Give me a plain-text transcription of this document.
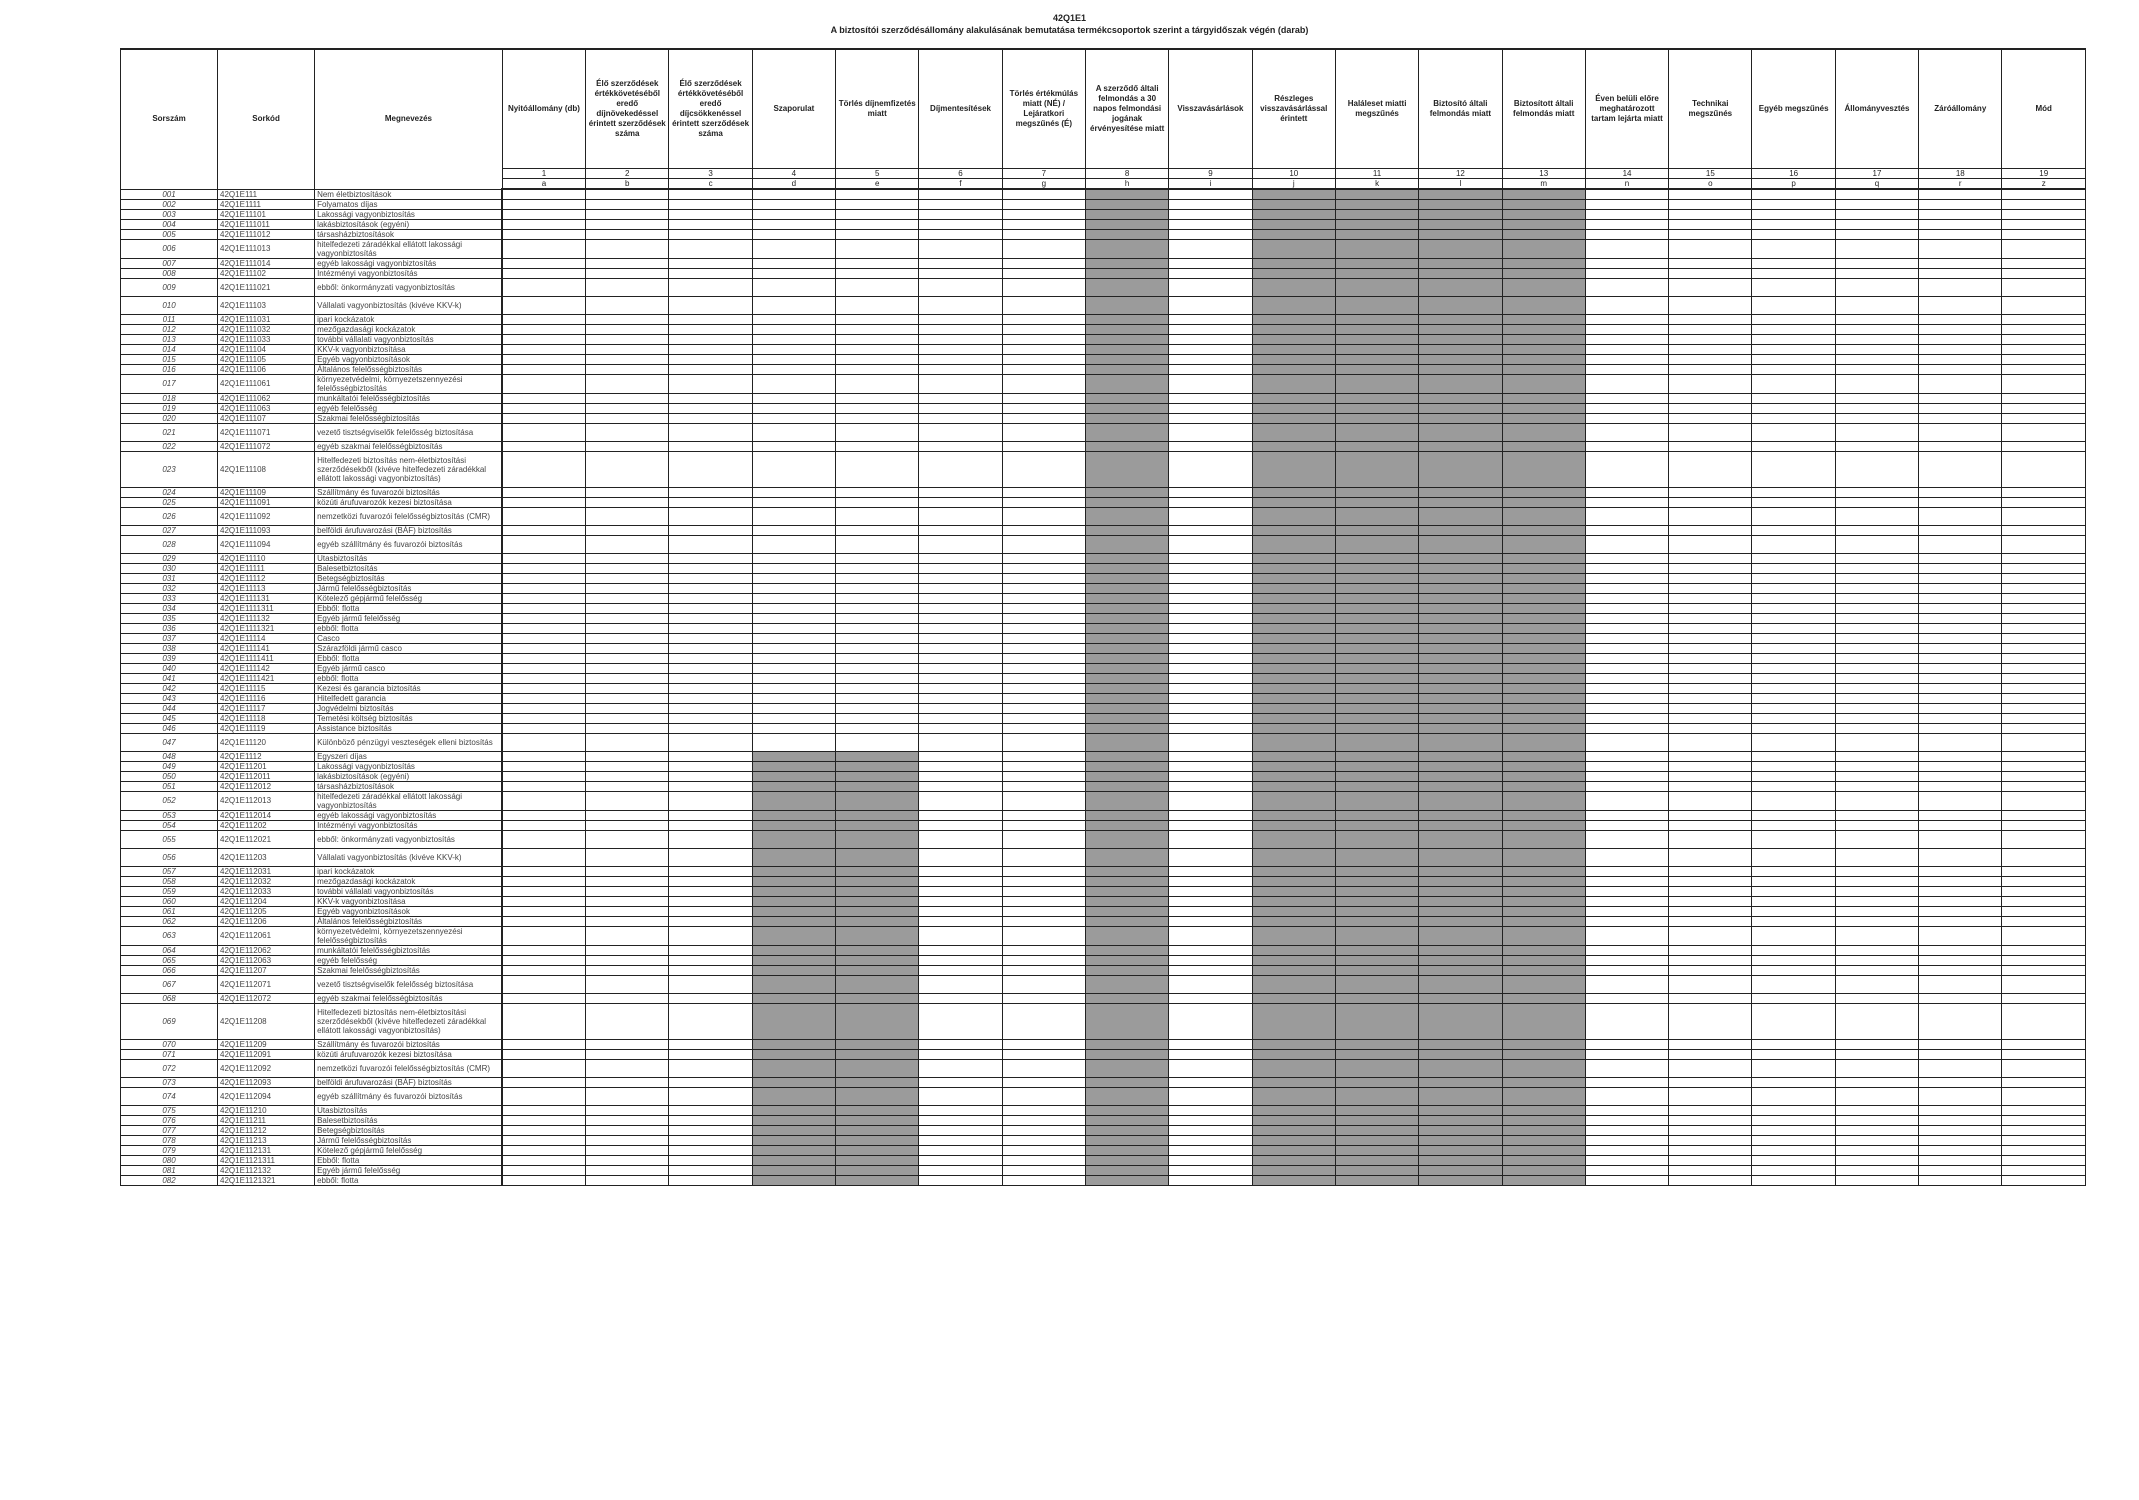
42Q1E1
A biztosítói szerződésállomány alakulásának bemutatása termékcsoportok szerint a tárgyidőszak végén (darab)
Sorszám	Sorkód	Megnevezés	Nyitóállomány (db)	Élő szerződések értékkövetéséből eredő díjnövekedéssel érintett szerződések száma	Élő szerződések értékkövetéséből eredő díjcsökkenéssel érintett szerződések száma	Szaporulat	Törlés díjnemfizetés miatt	Díjmentesítések	Törlés értékmúlás miatt (NÉ) / Lejáratkori megszűnés (É)	A szerződő általi felmondás a 30 napos felmondási jogának érvényesítése miatt	Visszavásárlások	Részleges visszavásárlással érintett	Haláleset miatti megszűnés	Biztosító általi felmondás miatt	Biztosított általi felmondás miatt	Éven belüli előre meghatározott tartam lejárta miatt	Technikai megszűnés	Egyéb megszűnés	Állományvesztés	Záróállomány	Mód
			1	2	3	4	5	6	7	8	9	10	11	12	13	14	15	16	17	18	19
			a	b	c	d	e	f	g	h	i	j	k	l	m	n	o	p	q	r	z
001	42Q1E111	Nem életbiztosítások																			
002	42Q1E1111	Folyamatos díjas																			
003	42Q1E11101	Lakossági vagyonbiztosítás																			
004	42Q1E111011	lakásbiztosítások (egyéni)																			
005	42Q1E111012	társasházbiztosítások																			
006	42Q1E111013	hitelfedezeti záradékkal ellátott lakossági vagyonbiztosítás																			
007	42Q1E111014	egyéb lakossági vagyonbiztosítás																			
008	42Q1E11102	Intézményi vagyonbiztosítás																			
009	42Q1E111021	ebből: önkormányzati vagyonbiztosítás																			
010	42Q1E11103	Vállalati vagyonbiztosítás (kivéve KKV-k)																			
011	42Q1E111031	ipari kockázatok																			
012	42Q1E111032	mezőgazdasági kockázatok																			
013	42Q1E111033	további vállalati vagyonbiztosítás																			
014	42Q1E11104	KKV-k vagyonbiztosítása																			
015	42Q1E11105	Egyéb vagyonbiztosítások																			
016	42Q1E11106	Általános felelősségbiztosítás																			
017	42Q1E111061	környezetvédelmi, környezetszennyezési felelősségbiztosítás																			
018	42Q1E111062	munkáltatói felelősségbiztosítás																			
019	42Q1E111063	egyéb felelősség																			
020	42Q1E11107	Szakmai felelősségbiztosítás																			
021	42Q1E111071	vezető tisztségviselők felelősség biztosítása																			
022	42Q1E111072	egyéb szakmai felelősségbiztosítás																			
023	42Q1E11108	Hitelfedezeti biztosítás nem-életbiztosítási szerződésekből (kivéve hitelfedezeti záradékkal ellátott lakossági vagyonbiztosítás)																			
024	42Q1E11109	Szállítmány és fuvarozói biztosítás																			
025	42Q1E111091	közúti árufuvarozók kezesi biztosítása																			
026	42Q1E111092	nemzetközi fuvarozói felelősségbiztosítás (CMR)																			
027	42Q1E111093	belföldi árufuvarozási (BÁF) biztosítás																			
028	42Q1E111094	egyéb szállítmány és fuvarozói biztosítás																			
029	42Q1E11110	Utasbiztosítás																			
030	42Q1E11111	Balesetbiztosítás																			
031	42Q1E11112	Betegségbiztosítás																			
032	42Q1E11113	Jármű felelősségbiztosítás																			
033	42Q1E111131	Kötelező gépjármű felelősség																			
034	42Q1E1111311	Ebből: flotta																			
035	42Q1E111132	Egyéb jármű felelősség																			
036	42Q1E1111321	ebből: flotta																			
037	42Q1E11114	Casco																			
038	42Q1E111141	Szárazföldi jármű casco																			
039	42Q1E1111411	Ebből: flotta																			
040	42Q1E111142	Egyéb jármű casco																			
041	42Q1E1111421	ebből: flotta																			
042	42Q1E11115	Kezesi és garancia biztosítás																			
043	42Q1E11116	Hitelfedett garancia																			
044	42Q1E11117	Jogvédelmi biztosítás																			
045	42Q1E11118	Temetési költség biztosítás																			
046	42Q1E11119	Assistance biztosítás																			
047	42Q1E11120	Különböző pénzügyi veszteségek elleni biztosítás																			
048	42Q1E1112	Egyszeri díjas																			
049	42Q1E11201	Lakossági vagyonbiztosítás																			
050	42Q1E112011	lakásbiztosítások (egyéni)																			
051	42Q1E112012	társasházbiztosítások																			
052	42Q1E112013	hitelfedezeti záradékkal ellátott lakossági vagyonbiztosítás																			
053	42Q1E112014	egyéb lakossági vagyonbiztosítás																			
054	42Q1E11202	Intézményi vagyonbiztosítás																			
055	42Q1E112021	ebből: önkormányzati vagyonbiztosítás																			
056	42Q1E11203	Vállalati vagyonbiztosítás (kivéve KKV-k)																			
057	42Q1E112031	ipari kockázatok																			
058	42Q1E112032	mezőgazdasági kockázatok																			
059	42Q1E112033	további vállalati vagyonbiztosítás																			
060	42Q1E11204	KKV-k vagyonbiztosítása																			
061	42Q1E11205	Egyéb vagyonbiztosítások																			
062	42Q1E11206	Általános felelősségbiztosítás																			
063	42Q1E112061	környezetvédelmi, környezetszennyezési felelősségbiztosítás																			
064	42Q1E112062	munkáltatói felelősségbiztosítás																			
065	42Q1E112063	egyéb felelősség																			
066	42Q1E11207	Szakmai felelősségbiztosítás																			
067	42Q1E112071	vezető tisztségviselők felelősség biztosítása																			
068	42Q1E112072	egyéb szakmai felelősségbiztosítás																			
069	42Q1E11208	Hitelfedezeti biztosítás nem-életbiztosítási szerződésekből (kivéve hitelfedezeti záradékkal ellátott lakossági vagyonbiztosítás)																			
070	42Q1E11209	Szállítmány és fuvarozói biztosítás																			
071	42Q1E112091	közúti árufuvarozók kezesi biztosítása																			
072	42Q1E112092	nemzetközi fuvarozói felelősségbiztosítás (CMR)																			
073	42Q1E112093	belföldi árufuvarozási (BÁF) biztosítás																			
074	42Q1E112094	egyéb szállítmány és fuvarozói biztosítás																			
075	42Q1E11210	Utasbiztosítás																			
076	42Q1E11211	Balesetbiztosítás																			
077	42Q1E11212	Betegségbiztosítás																			
078	42Q1E11213	Jármű felelősségbiztosítás																			
079	42Q1E112131	Kötelező gépjármű felelősség																			
080	42Q1E1121311	Ebből: flotta																			
081	42Q1E112132	Egyéb jármű felelősség																			
082	42Q1E1121321	ebből: flotta																			
